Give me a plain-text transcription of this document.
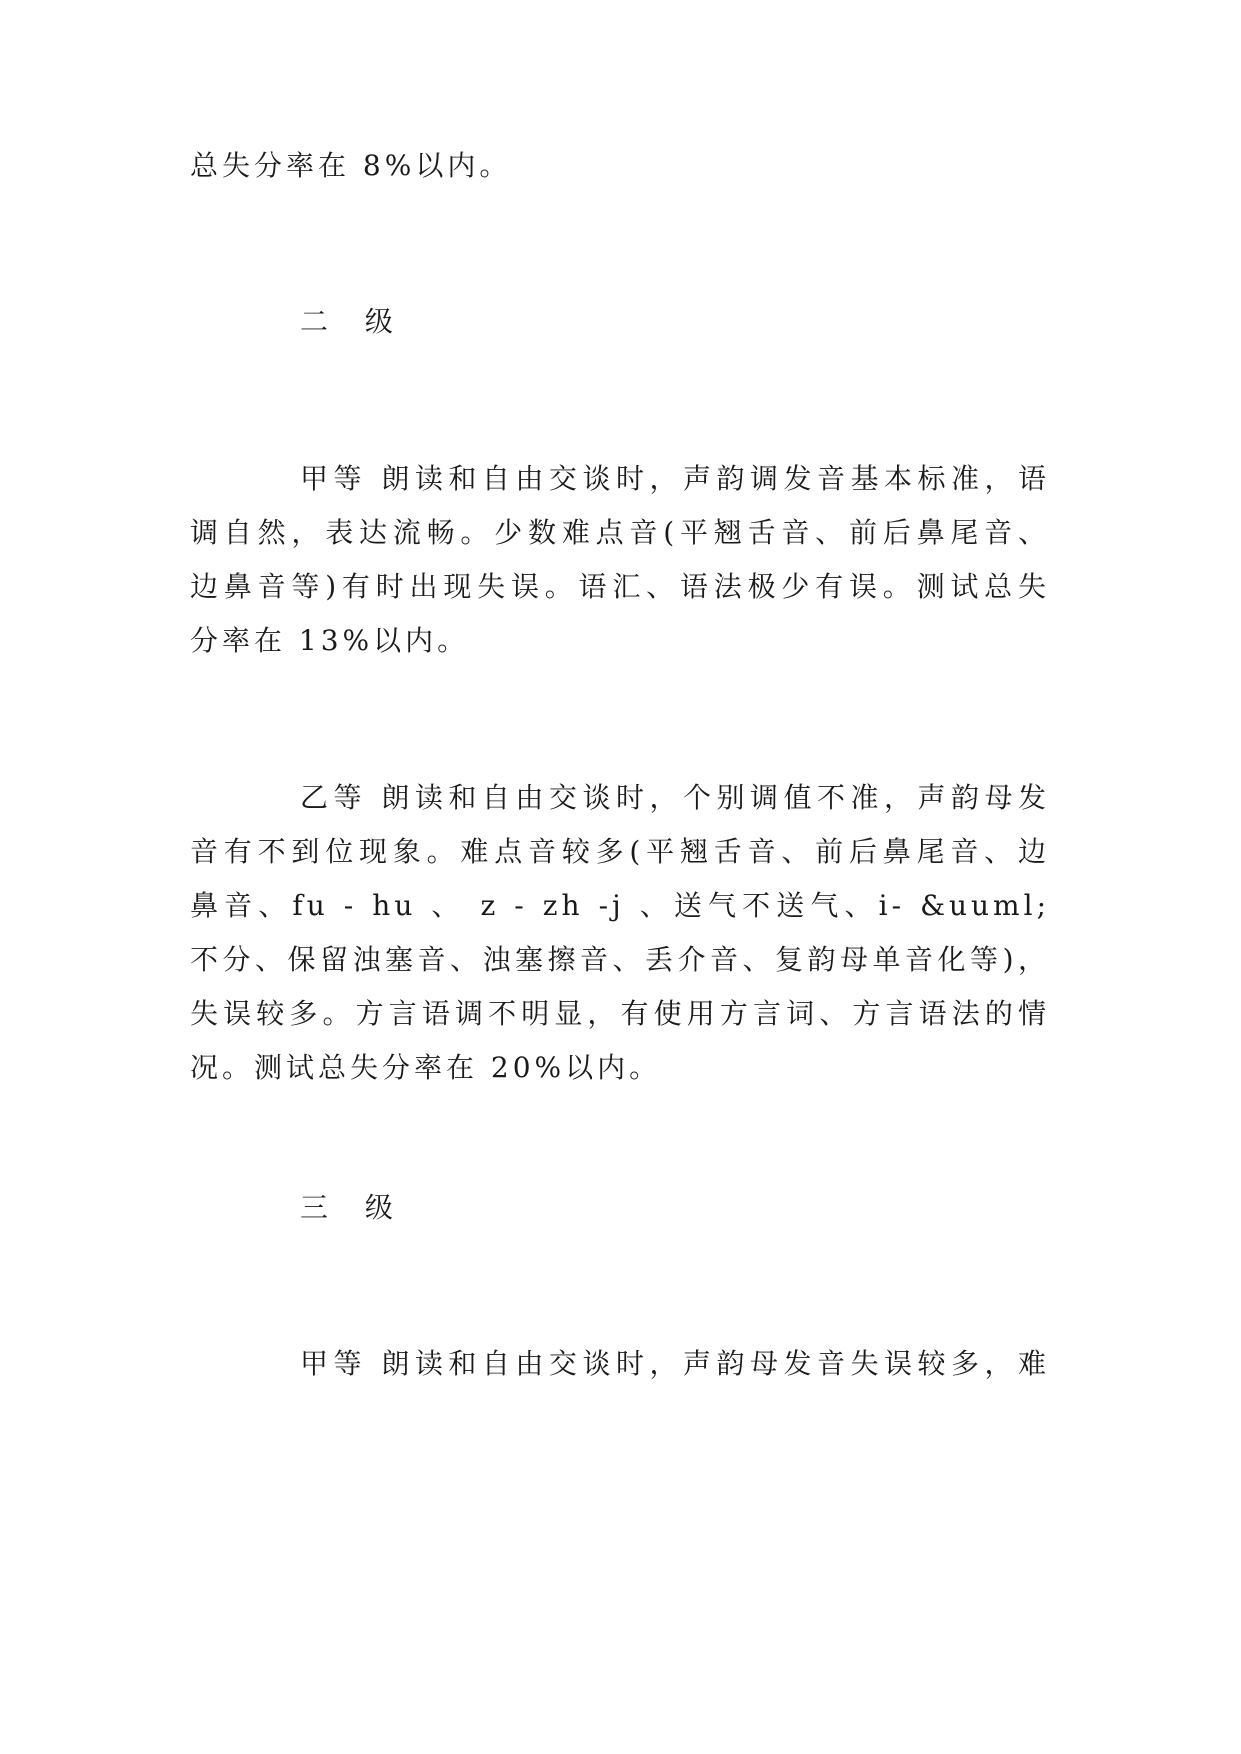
总失分率在 8%以内。
二 级
甲等 朗读和自由交谈时，声韵调发音基本标准，语
调自然，表达流畅。少数难点音(平翘舌音、前后鼻尾音、
边鼻音等)有时出现失误。语汇、语法极少有误。测试总失
分率在 13%以内。
乙等 朗读和自由交谈时，个别调值不准，声韵母发
音有不到位现象。难点音较多(平翘舌音、前后鼻尾音、边
鼻音、fu - hu 、 z - zh -j 、送气不送气、i- &uuml;
不分、保留浊塞音、浊塞擦音、丢介音、复韵母单音化等)，
失误较多。方言语调不明显，有使用方言词、方言语法的情
况。测试总失分率在 20%以内。
三 级
甲等 朗读和自由交谈时，声韵母发音失误较多，难
